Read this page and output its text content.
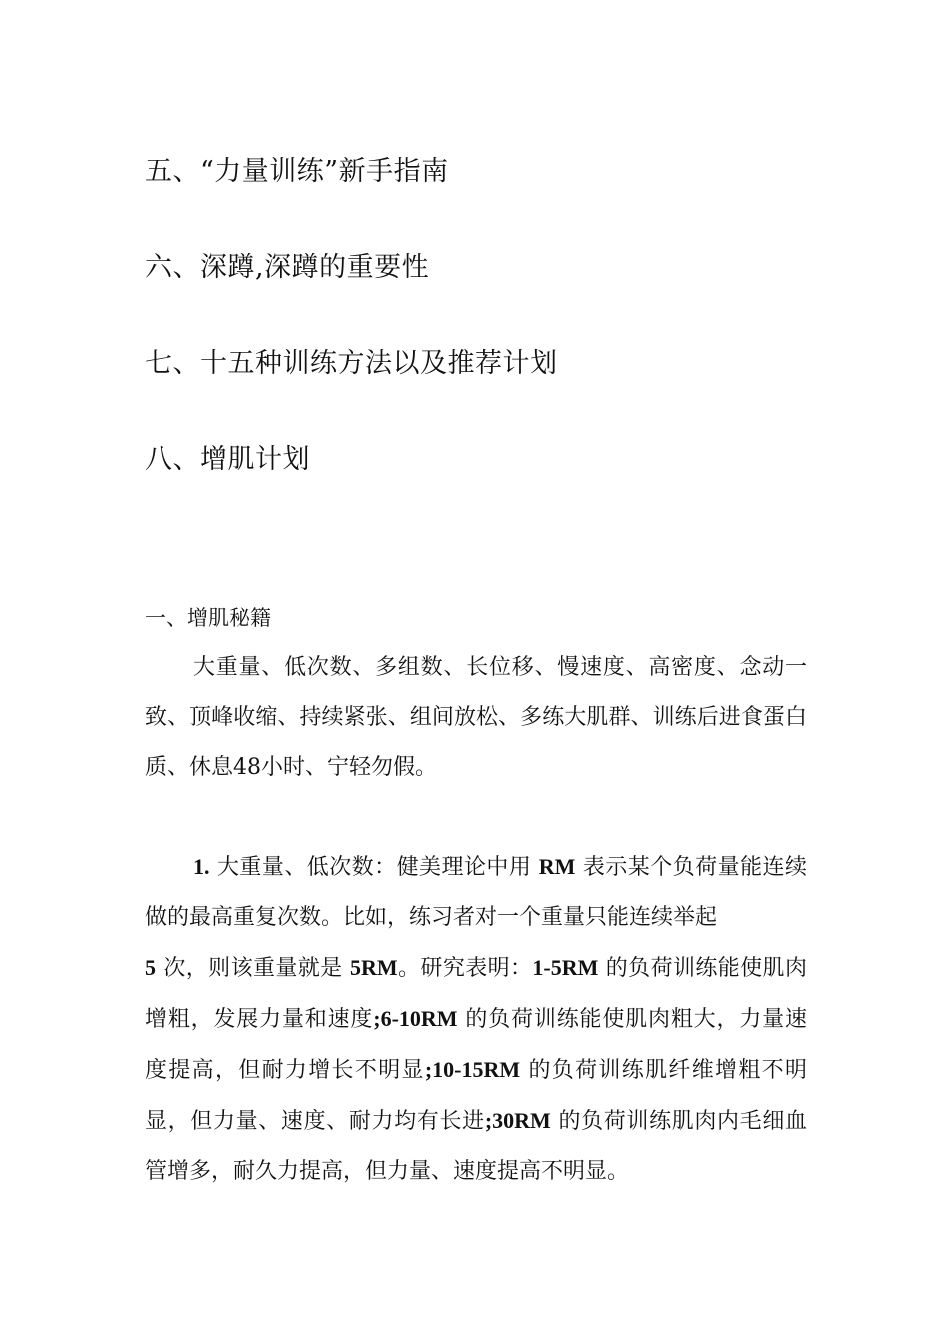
五、“力量训练”新手指南
六、深蹲,深蹲的重要性
七、十五种训练方法以及推荐计划
八、增肌计划
一、增肌秘籍

大重量、低次数、多组数、长位移、慢速度、高密度、念动一致、顶峰收缩、持续紧张、组间放松、多练大肌群、训练后进食蛋白质、休息48小时、宁轻勿假。

1. 大重量、低次数：健美理论中用 RM 表示某个负荷量能连续做的最高重复次数。比如，练习者对一个重量只能连续举起
5 次，则该重量就是 5RM。研究表明：1-5RM 的负荷训练能使肌肉增粗，发展力量和速度;6-10RM 的负荷训练能使肌肉粗大，力量速度提高，但耐力增长不明显;10-15RM 的负荷训练肌纤维增粗不明显，但力量、速度、耐力均有长进;30RM 的负荷训练肌肉内毛细血管增多，耐久力提高，但力量、速度提高不明显。
